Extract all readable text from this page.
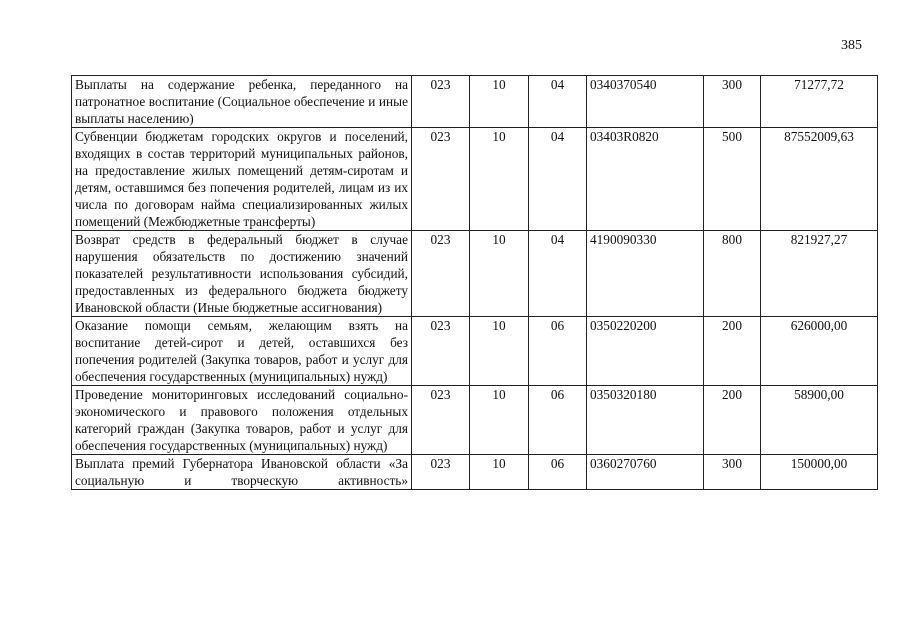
385
Выплаты на содержание ребенка, переданного на патронатное воспитание (Социальное обеспечение и иные выплаты населению)	023	10	04	0340370540	300	71277,72
Субвенции бюджетам городских округов и поселений, входящих в состав территорий муниципальных районов, на предоставление жилых помещений детям-сиротам и детям, оставшимся без попечения родителей, лицам из их числа по договорам найма специализированных жилых помещений (Межбюджетные трансферты)	023	10	04	03403R0820	500	87552009,63
Возврат средств в федеральный бюджет в случае нарушения обязательств по достижению значений показателей результативности использования субсидий, предоставленных из федерального бюджета бюджету Ивановской области (Иные бюджетные ассигнования)	023	10	04	4190090330	800	821927,27
Оказание помощи семьям, желающим взять на воспитание детей-сирот и детей, оставшихся без попечения родителей (Закупка товаров, работ и услуг для обеспечения государственных (муниципальных) нужд)	023	10	06	0350220200	200	626000,00
Проведение мониторинговых исследований социально-экономического и правового положения отдельных категорий граждан (Закупка товаров, работ и услуг для обеспечения государственных (муниципальных) нужд)	023	10	06	0350320180	200	58900,00
Выплата премий Губернатора Ивановской области «За социальную и творческую активность»	023	10	06	0360270760	300	150000,00
